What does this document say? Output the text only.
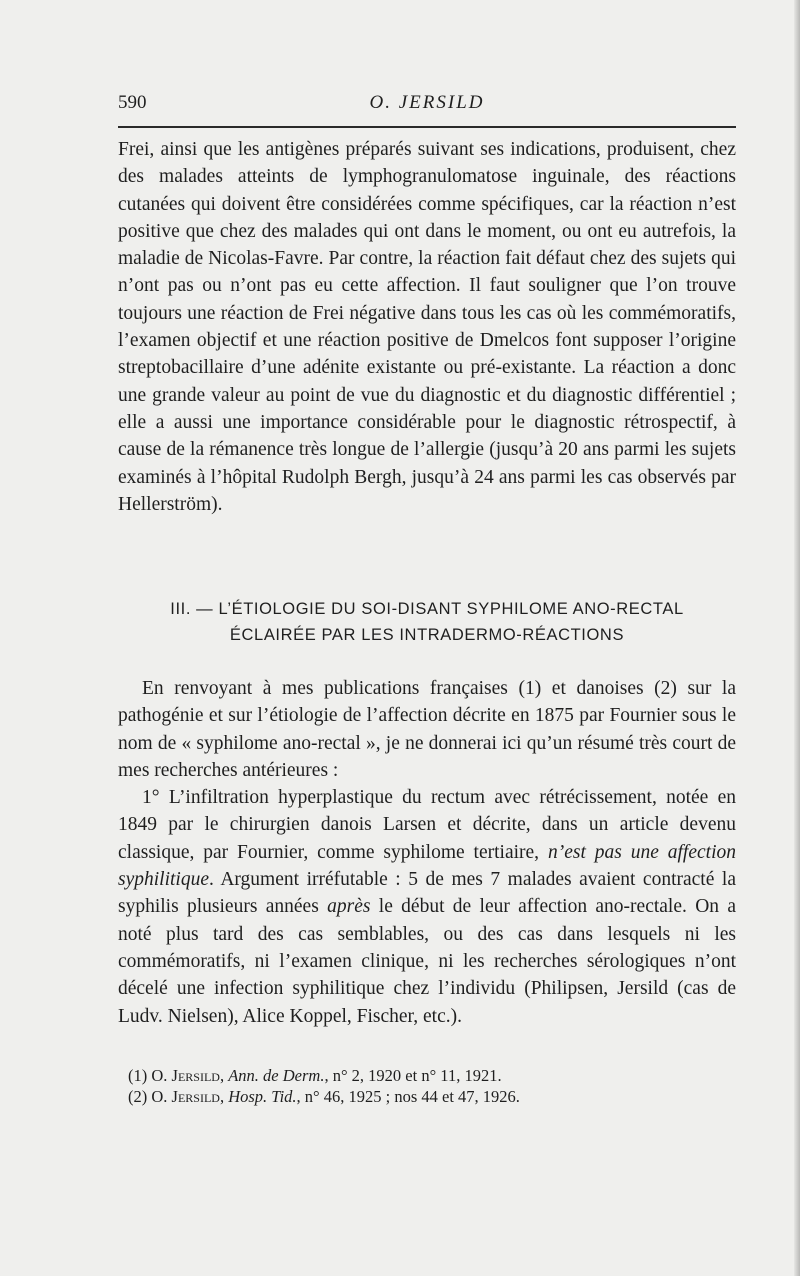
590	O. JERSILD

Frei, ainsi que les antigènes préparés suivant ses indications, produisent, chez des malades atteints de lymphogranulomatose inguinale, des réactions cutanées qui doivent être considérées comme spécifiques, car la réaction n’est positive que chez des malades qui ont dans le moment, ou ont eu autrefois, la maladie de Nicolas-Favre. Par contre, la réaction fait défaut chez des sujets qui n’ont pas ou n’ont pas eu cette affection. Il faut souligner que l’on trouve toujours une réaction de Frei négative dans tous les cas où les commémoratifs, l’examen objectif et une réaction positive de Dmelcos font supposer l’origine streptobacillaire d’une adénite existante ou pré-existante. La réaction a donc une grande valeur au point de vue du diagnostic et du diagnostic différentiel ; elle a aussi une importance considérable pour le diagnostic rétrospectif, à cause de la rémanence très longue de l’allergie (jusqu’à 20 ans parmi les sujets examinés à l’hôpital Rudolph Bergh, jusqu’à 24 ans parmi les cas observés par Hellerström).

III. — L’ÉTIOLOGIE DU SOI-DISANT SYPHILOME ANO-RECTAL
ÉCLAIRÉE PAR LES INTRADERMO-RÉACTIONS
En renvoyant à mes publications françaises (1) et danoises (2) sur la pathogénie et sur l’étiologie de l’affection décrite en 1875 par Fournier sous le nom de « syphilome ano-rectal », je ne donnerai ici qu’un résumé très court de mes recherches antérieures :
1° L’infiltration hyperplastique du rectum avec rétrécissement, notée en 1849 par le chirurgien danois Larsen et décrite, dans un article devenu classique, par Fournier, comme syphilome tertiaire, n’est pas une affection syphilitique. Argument irréfutable : 5 de mes 7 malades avaient contracté la syphilis plusieurs années après le début de leur affection ano-rectale. On a noté plus tard des cas semblables, ou des cas dans lesquels ni les commémoratifs, ni l’examen clinique, ni les recherches sérologiques n’ont décelé une infection syphilitique chez l’individu (Philipsen, Jersild (cas de Ludv. Nielsen), Alice Koppel, Fischer, etc.).
(1) O. Jersild, Ann. de Derm., n° 2, 1920 et n° 11, 1921.
(2) O. Jersild, Hosp. Tid., n° 46, 1925 ; nos 44 et 47, 1926.
